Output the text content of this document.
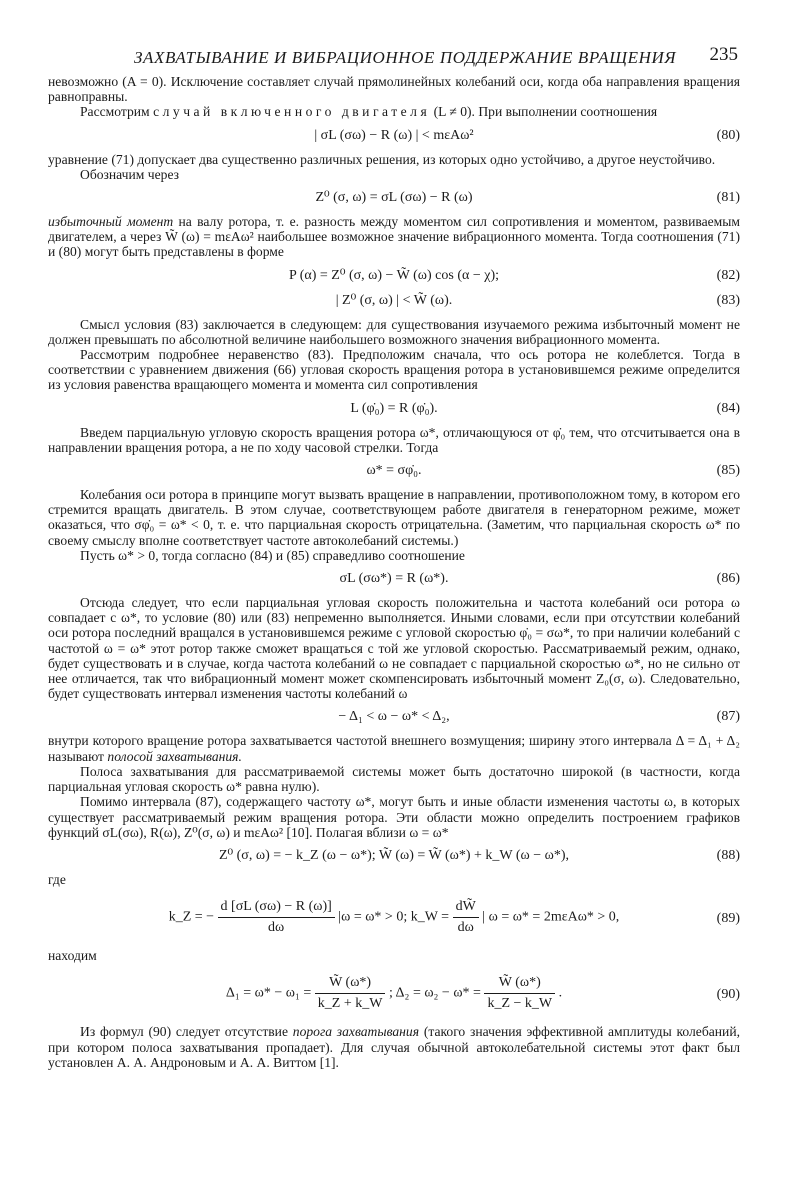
ЗАХВАТЫВАНИЕ И ВИБРАЦИОННОЕ ПОДДЕРЖАНИЕ ВРАЩЕНИЯ 235

невозможно (A = 0). Исключение составляет случай прямолинейных колебаний оси, когда оба направления вращения равноправны.

Рассмотрим случай включенного двигателя (L ≠ 0). При выполнении соотношения

| σL (σω) − R (ω) | < mεAω²	(80)

уравнение (71) допускает два существенно различных решения, из которых одно устойчиво, а другое неустойчиво.

Обозначим через

Z⁰ (σ, ω) = σL (σω) − R (ω)	(81)

избыточный момент на валу ротора, т. е. разность между моментом сил сопротивления и моментом, развиваемым двигателем, а через W̃ (ω) = mεAω² наибольшее возможное значение вибрационного момента. Тогда соотношения (71) и (80) могут быть представлены в форме

P (α) = Z⁰ (σ, ω) − W̃ (ω) cos (α − χ);	(82)
| Z⁰ (σ, ω) | < W̃ (ω).	(83)

Смысл условия (83) заключается в следующем: для существования изучаемого режима избыточный момент не должен превышать по абсолютной величине наибольшего возможного значения вибрационного момента.

Рассмотрим подробнее неравенство (83). Предположим сначала, что ось ротора не колеблется. Тогда в соответствии с уравнением движения (66) угловая скорость вращения ротора в установившемся режиме определится из условия равенства вращающего момента и момента сил сопротивления

L (φ̇₀) = R (φ̇₀).	(84)

Введем парциальную угловую скорость вращения ротора ω*, отличающуюся от φ̇₀ тем, что отсчитывается она в направлении вращения ротора, а не по ходу часовой стрелки. Тогда

ω* = σφ̇₀.	(85)

Колебания оси ротора в принципе могут вызвать вращение в направлении, противоположном тому, в котором его стремится вращать двигатель. В этом случае, соответствующем работе двигателя в генераторном режиме, может оказаться, что σφ̇₀ = ω* < 0, т. е. что парциальная скорость отрицательна. (Заметим, что парциальная скорость ω* по своему смыслу вполне соответствует частоте автоколебаний системы.)

Пусть ω* > 0, тогда согласно (84) и (85) справедливо соотношение

σL (σω*) = R (ω*).	(86)

Отсюда следует, что если парциальная угловая скорость положительна и частота колебаний оси ротора ω совпадает с ω*, то условие (80) или (83) непременно выполняется. Иными словами, если при отсутствии колебаний оси ротора последний вращался в установившемся режиме с угловой скоростью φ̇₀ = σω*, то при наличии колебаний с частотой ω = ω* этот ротор также сможет вращаться с той же угловой скоростью. Рассматриваемый режим, однако, будет существовать и в случае, когда частота колебаний ω не совпадает с парциальной скоростью ω*, но не сильно от нее отличается, так что вибрационный момент может скомпенсировать избыточный момент Z₀(σ, ω). Следовательно, будет существовать интервал изменения частоты колебаний ω

− Δ₁ < ω − ω* < Δ₂,	(87)

внутри которого вращение ротора захватывается частотой внешнего возмущения; ширину этого интервала Δ = Δ₁ + Δ₂ называют полосой захватывания.

Полоса захватывания для рассматриваемой системы может быть достаточно широкой (в частности, когда парциальная угловая скорость ω* равна нулю).

Помимо интервала (87), содержащего частоту ω*, могут быть и иные области изменения частоты ω, в которых существует рассматриваемый режим вращения ротора. Эти области можно определить построением графиков функций σL(σω), R(ω), Z⁰(σ, ω) и mεAω² [10]. Полагая вблизи ω = ω*

Z⁰ (σ, ω) = − k_Z (ω − ω*); W̃ (ω) = W̃ (ω*) + k_W (ω − ω*),	(88)

где

k_Z = − $\frac{d [\sigma L (\sigma\omega) - R (\omega)]}{d\omega} |\omega = \omega* > 0$; k_W = $\frac{dW̃}{d\omega}$ | ω = ω* = 2mεAω* > 0,	(89)

находим

$\Delta_1 = \omega* - \omega_1 = \frac{W̃ (\omega*)}{k\_Z + k\_W}$ ; $\Delta_2 = \omega_2 - \omega* = \frac{W̃ (\omega*)}{k\_Z - k\_W}$ .	(90)

Из формул (90) следует отсутствие порога захватывания (такого значения эффективной амплитуды колебаний, при котором полоса захватывания пропадает). Для случая обычной автоколебательной системы этот факт был установлен А. А. Андроновым и А. А. Виттом [1].
